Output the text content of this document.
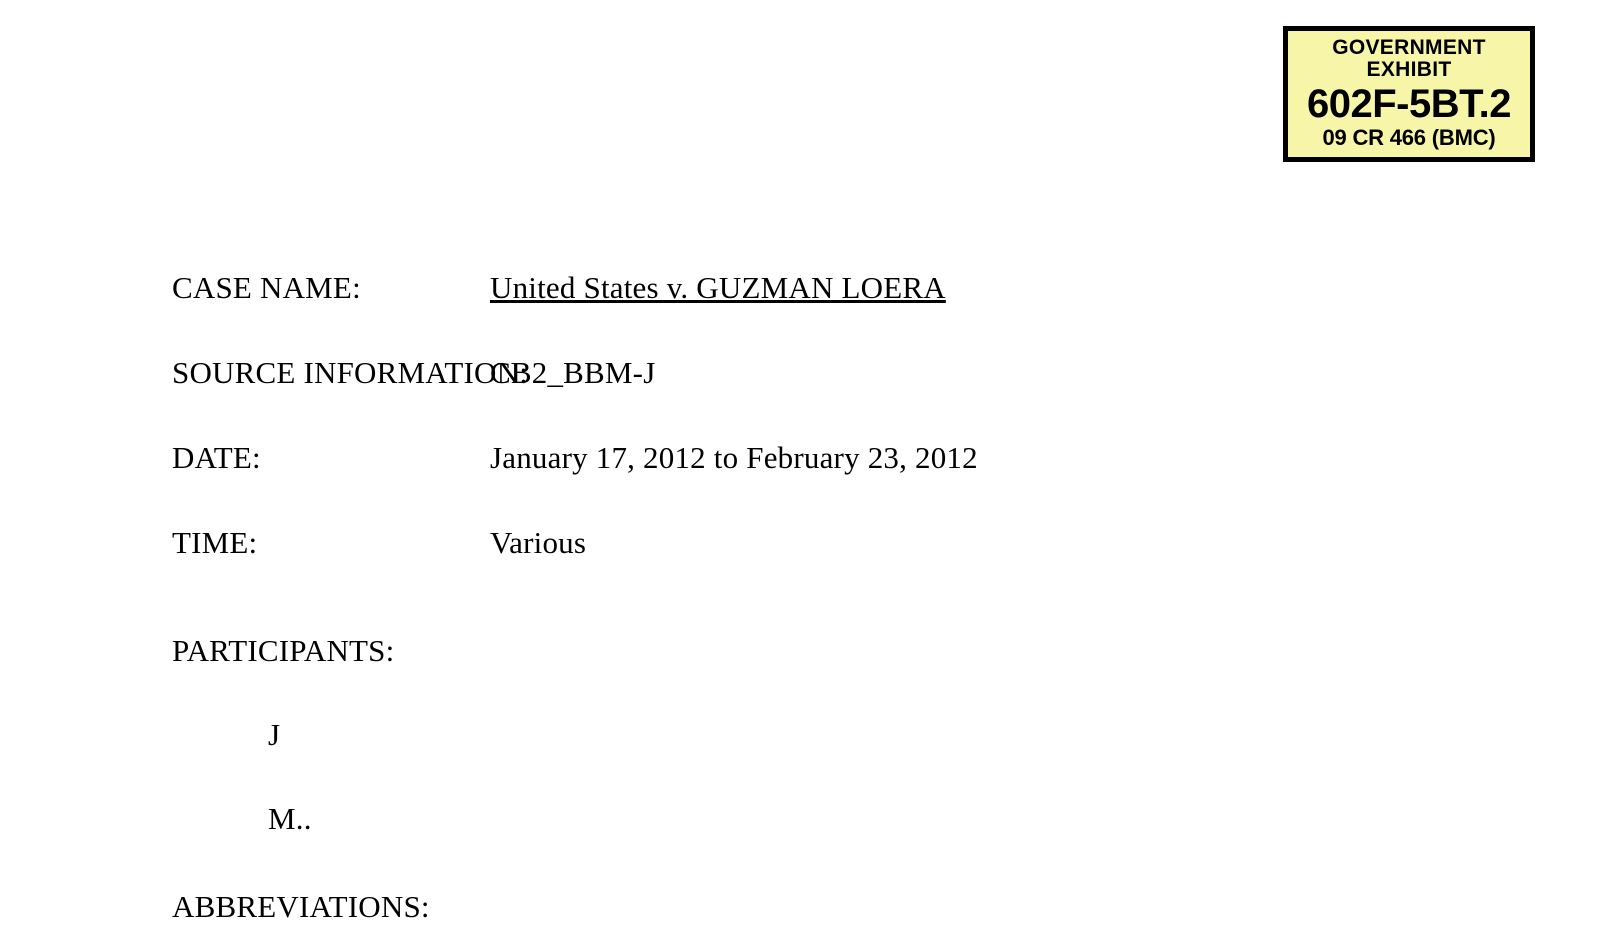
GOVERNMENT
EXHIBIT
602F-5BT.2
09 CR 466 (BMC)
CASE NAME:	United States v. GUZMAN LOERA
SOURCE INFORMATION:
CB2_BBM-J
DATE:	January 17, 2012 to February 23, 2012
TIME:	Various
PARTICIPANTS:
J
M..
ABBREVIATIONS:
